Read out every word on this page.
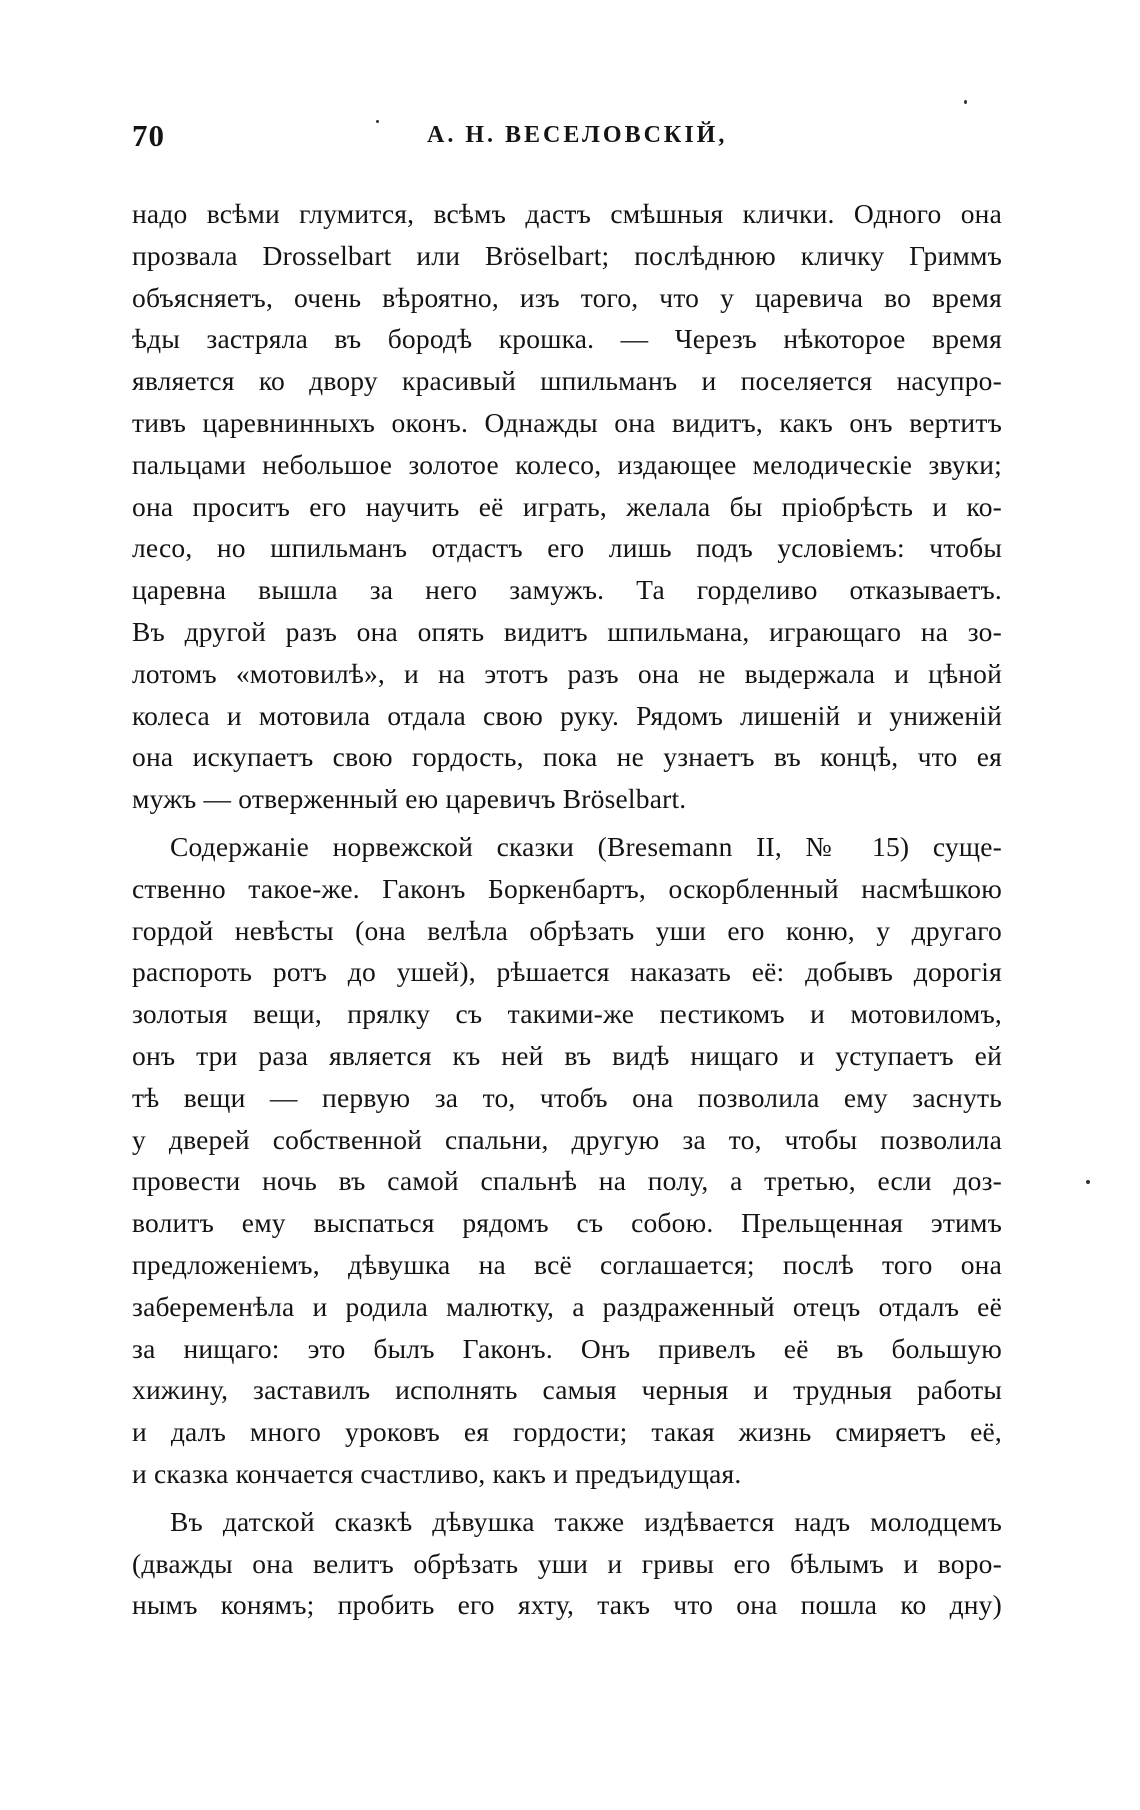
70	А. Н. ВЕСЕЛОВСКІЙ,
надо всѣми глумится, всѣмъ дастъ смѣшныя клички. Одного она
прозвала Drosselbart или Bröselbart; послѣднюю кличку Гриммъ
объясняетъ, очень вѣроятно, изъ того, что у царевича во время
ѣды застряла въ бородѣ крошка. — Черезъ нѣкоторое время
является ко двору красивый шпильманъ и поселяется насупро-
тивъ царевнинныхъ оконъ. Однажды она видитъ, какъ онъ вертитъ
пальцами небольшое золотое колесо, издающее мелодическіе звуки;
она проситъ его научить её играть, желала бы пріобрѣсть и ко-
лесо, но шпильманъ отдастъ его лишь подъ условіемъ: чтобы
царевна вышла за него замужъ. Та горделиво отказываетъ.
Въ другой разъ она опять видитъ шпильмана, играющаго на зо-
лотомъ «мотовилѣ», и на этотъ разъ она не выдержала и цѣной
колеса и мотовила отдала свою руку. Рядомъ лишеній и униженій
она искупаетъ свою гордость, пока не узнаетъ въ концѣ, что ея
мужъ — отверженный ею царевичъ Bröselbart.
Содержаніе норвежской сказки (Bresemann II, № 15) суще-
ственно такое-же. Гаконъ Боркенбартъ, оскорбленный насмѣшкою
гордой невѣсты (она велѣла обрѣзать уши его коню, у другаго
распороть ротъ до ушей), рѣшается наказать её: добывъ дорогія
золотыя вещи, прялку съ такими-же пестикомъ и мотовиломъ,
онъ три раза является къ ней въ видѣ нищаго и уступаетъ ей
тѣ вещи — первую за то, чтобъ она позволила ему заснуть
у дверей собственной спальни, другую за то, чтобы позволила
провести ночь въ самой спальнѣ на полу, а третью, если доз-
волитъ ему выспаться рядомъ съ собою. Прельщенная этимъ
предложеніемъ, дѣвушка на всё соглашается; послѣ того она
забеременѣла и родила малютку, а раздраженный отецъ отдалъ её
за нищаго: это былъ Гаконъ. Онъ привелъ её въ большую
хижину, заставилъ исполнять самыя черныя и трудныя работы
и далъ много уроковъ ея гордости; такая жизнь смиряетъ её,
и сказка кончается счастливо, какъ и предъидущая.
Въ датской сказкѣ дѣвушка также издѣвается надъ молодцемъ
(дважды она велитъ обрѣзать уши и гривы его бѣлымъ и воро-
нымъ конямъ; пробить его яхту, такъ что она пошла ко дну)
